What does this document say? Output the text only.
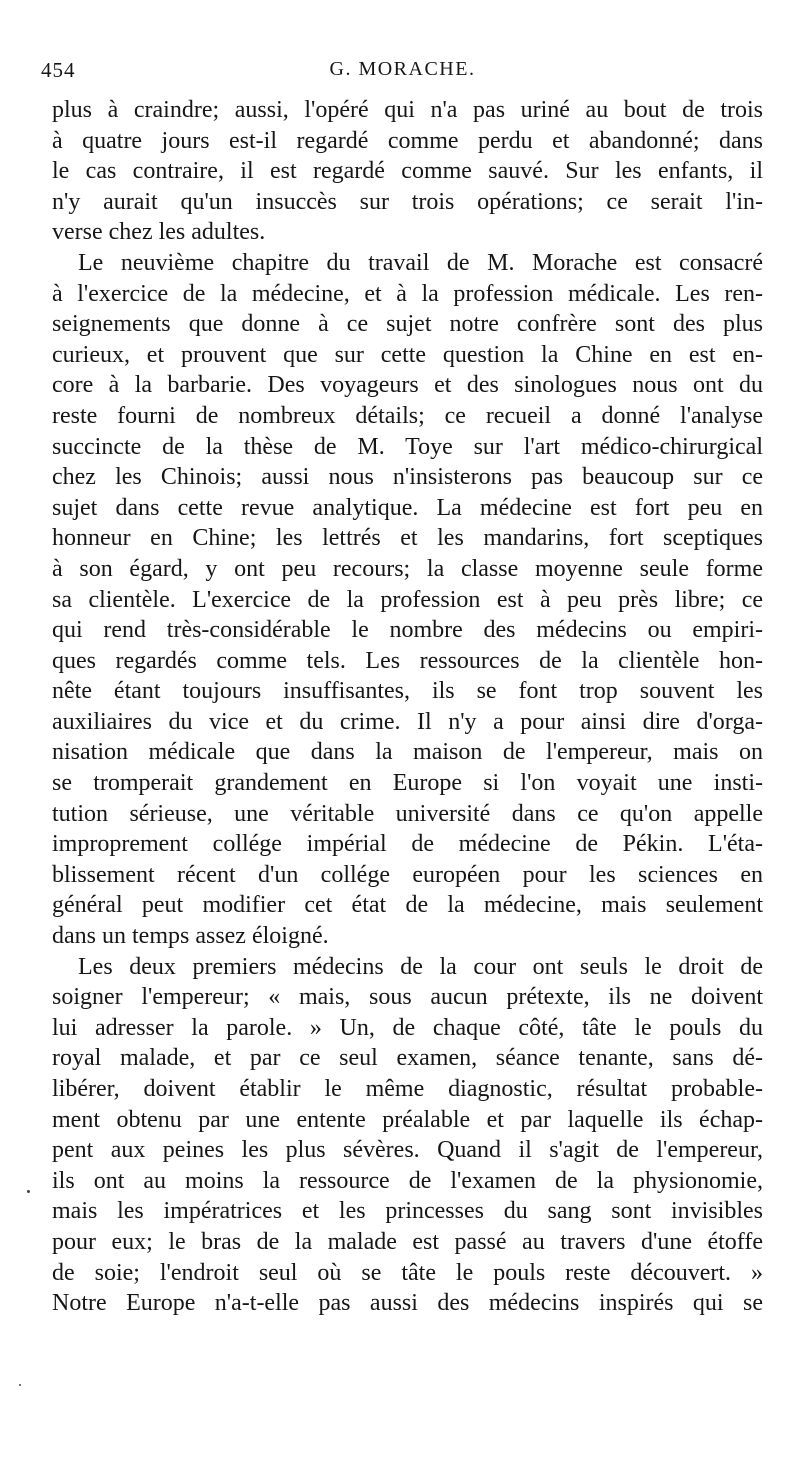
454	G. MORACHE.
plus à craindre; aussi, l'opéré qui n'a pas uriné au bout de trois
à quatre jours est-il regardé comme perdu et abandonné; dans
le cas contraire, il est regardé comme sauvé. Sur les enfants, il
n'y aurait qu'un insuccès sur trois opérations; ce serait l'in-
verse chez les adultes.
Le neuvième chapitre du travail de M. Morache est consacré
à l'exercice de la médecine, et à la profession médicale. Les ren-
seignements que donne à ce sujet notre confrère sont des plus
curieux, et prouvent que sur cette question la Chine en est en-
core à la barbarie. Des voyageurs et des sinologues nous ont du
reste fourni de nombreux détails; ce recueil a donné l'analyse
succincte de la thèse de M. Toye sur l'art médico-chirurgical
chez les Chinois; aussi nous n'insisterons pas beaucoup sur ce
sujet dans cette revue analytique. La médecine est fort peu en
honneur en Chine; les lettrés et les mandarins, fort sceptiques
à son égard, y ont peu recours; la classe moyenne seule forme
sa clientèle. L'exercice de la profession est à peu près libre; ce
qui rend très-considérable le nombre des médecins ou empiri-
ques regardés comme tels. Les ressources de la clientèle hon-
nête étant toujours insuffisantes, ils se font trop souvent les
auxiliaires du vice et du crime. Il n'y a pour ainsi dire d'orga-
nisation médicale que dans la maison de l'empereur, mais on
se tromperait grandement en Europe si l'on voyait une insti-
tution sérieuse, une véritable université dans ce qu'on appelle
improprement collége impérial de médecine de Pékin. L'éta-
blissement récent d'un collége européen pour les sciences en
général peut modifier cet état de la médecine, mais seulement
dans un temps assez éloigné.
Les deux premiers médecins de la cour ont seuls le droit de
soigner l'empereur; « mais, sous aucun prétexte, ils ne doivent
lui adresser la parole. » Un, de chaque côté, tâte le pouls du
royal malade, et par ce seul examen, séance tenante, sans dé-
libérer, doivent établir le même diagnostic, résultat probable-
ment obtenu par une entente préalable et par laquelle ils échap-
pent aux peines les plus sévères. Quand il s'agit de l'empereur,
ils ont au moins la ressource de l'examen de la physionomie,
mais les impératrices et les princesses du sang sont invisibles
pour eux; le bras de la malade est passé au travers d'une étoffe
de soie; l'endroit seul où se tâte le pouls reste découvert. »
Notre Europe n'a-t-elle pas aussi des médecins inspirés qui se
